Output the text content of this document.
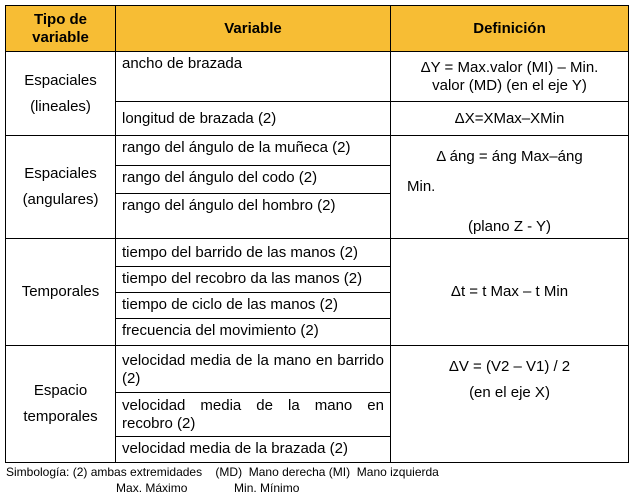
Tipo de
variable	Variable	Definición

Espaciales
(lineales)	ancho de brazada	ΔY = Max.valor (MI) – Min.
valor (MD) (en el eje Y)

	longitud de brazada (2)	ΔX=XMax–XMin

Espaciales
(angulares)	rango del ángulo de la muñeca (2)	Δ áng = áng Max–áng
Min.
(plano Z - Y)

	rango del ángulo del codo (2)	
	rango del ángulo del hombro (2)	
Temporales	tiempo del barrido de las manos (2)	Δt = t Max – t Min
	tiempo del recobro da las manos (2)	
	tiempo de ciclo de las manos (2)	
	frecuencia del movimiento (2)	

Espacio
temporales	velocidad media de la mano en barrido (2)	ΔV = (V2 – V1) / 2
(en el eje X)

	velocidad media de la mano en recobro (2)	
	velocidad media de la brazada (2)	
Simbología: (2) ambas extremidades    (MD)  Mano derecha (MI)  Mano izquierda
Max. Máximo              Min. Mínimo
